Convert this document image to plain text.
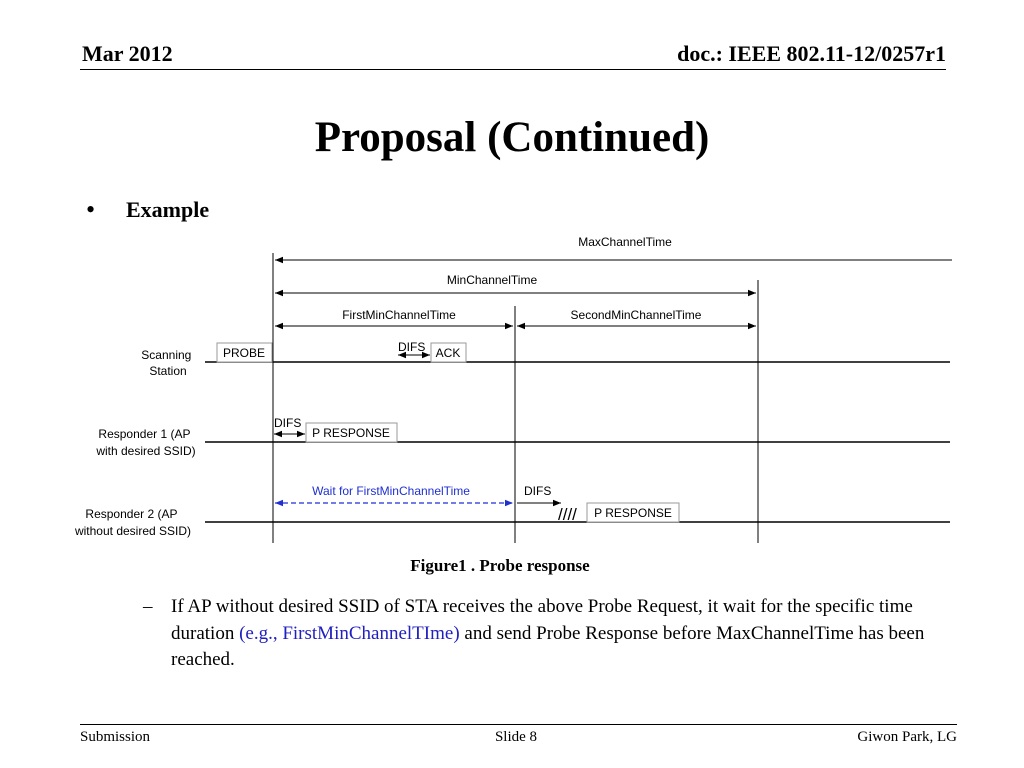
Mar 2012	doc.: IEEE 802.11-12/0257r1
Proposal (Continued)
• Example
MaxChannelTime
MinChannelTime
FirstMinChannelTime	SecondMinChannelTime
Scanning Station
Responder 1 (AP with desired SSID)
Responder 2 (AP without desired SSID)
PROBE	DIFS ACK
DIFS
P RESPONSE
Wait for FirstMinChannelTime	DIFS
//// P RESPONSE
Figure1 . Probe response
– If AP without desired SSID of STA receives the above Probe Request, it wait for the specific time duration (e.g., FirstMinChannelTIme) and send Probe Response before MaxChannelTime has been reached.
Submission	Slide 8	Giwon Park, LG
